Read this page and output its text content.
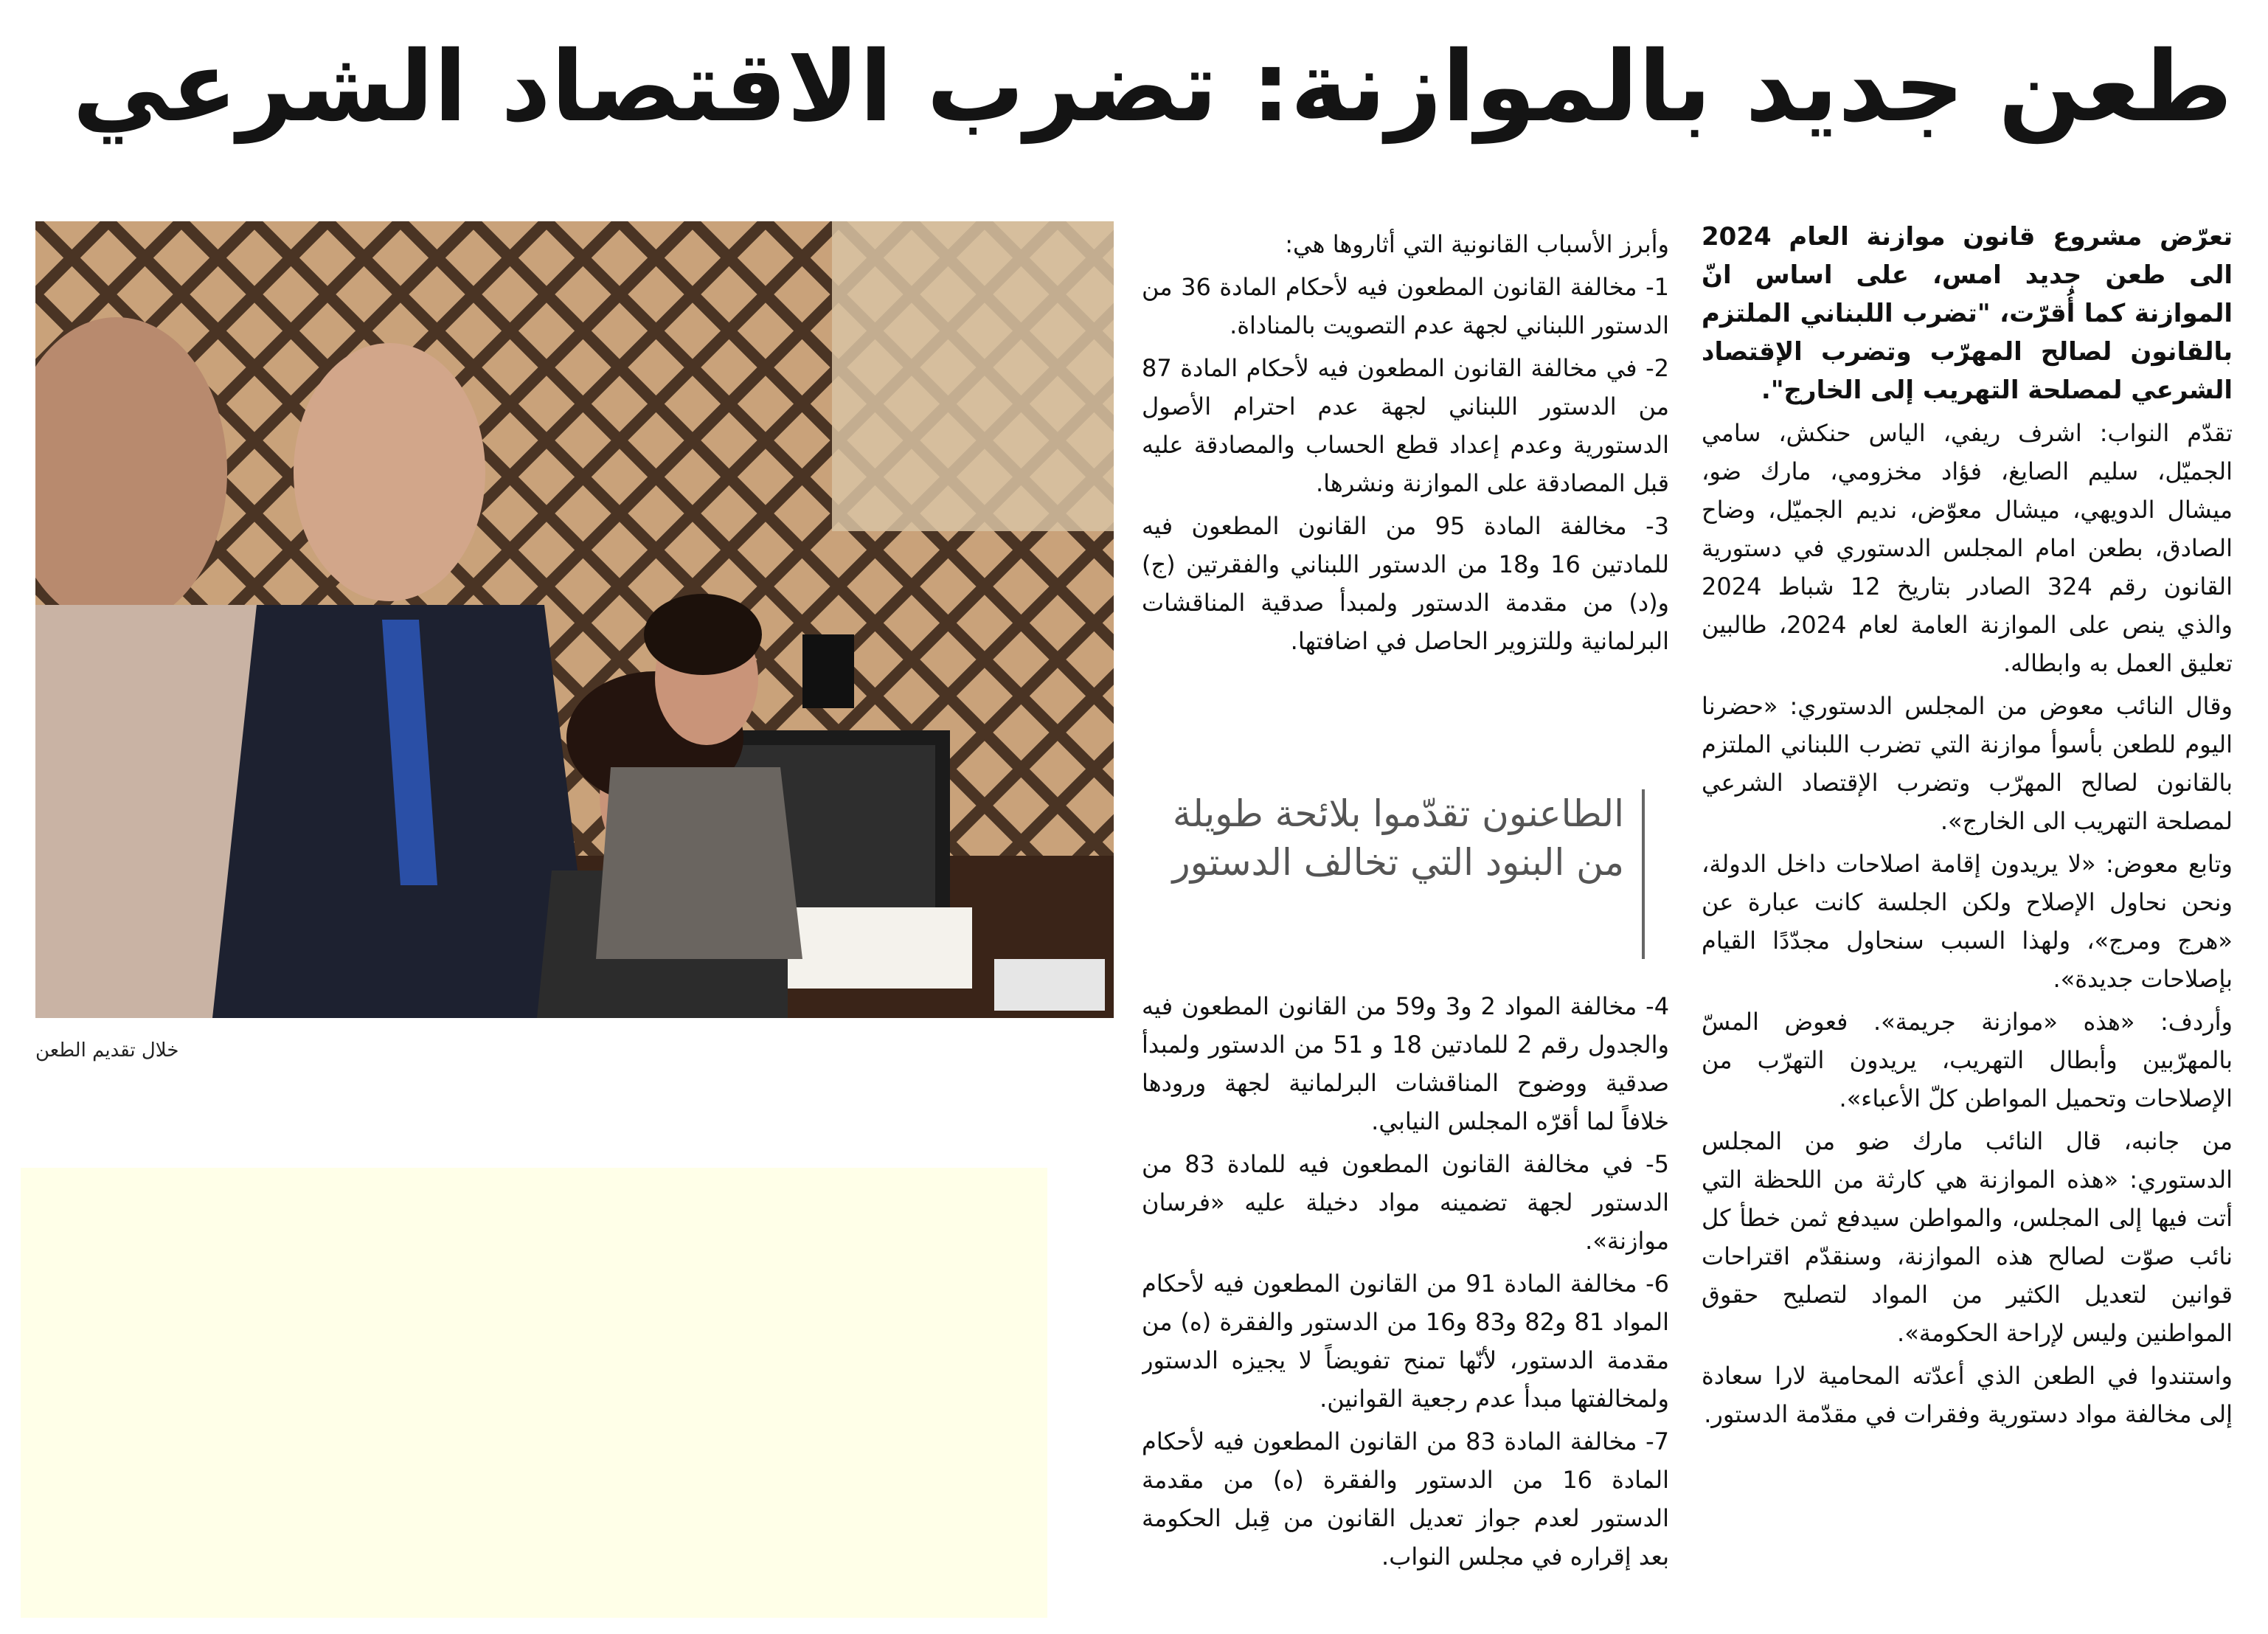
طعن جديد بالموازنة: تضرب الاقتصاد الشرعي

تعرّض مشروع قانون موازنة العام 2024 الى طعن جديد امس، على اساس انّ الموازنة كما أُقرّت، "تضرب اللبناني الملتزم بالقانون لصالح المهرّب وتضرب الإقتصاد الشرعي لمصلحة التهريب إلى الخارج".

تقدّم النواب: اشرف ريفي، الياس حنكش، سامي الجميّل، سليم الصايغ، فؤاد مخزومي، مارك ضو، ميشال الدويهي، ميشال معوّض، نديم الجميّل، وضاح الصادق، بطعن امام المجلس الدستوري في دستورية القانون رقم 324 الصادر بتاريخ 12 شباط 2024 والذي ينص على الموازنة العامة لعام 2024، طالبين تعليق العمل به وابطاله.

وقال النائب معوض من المجلس الدستوري: «حضرنا اليوم للطعن بأسوأ موازنة التي تضرب اللبناني الملتزم بالقانون لصالح المهرّب وتضرب الإقتصاد الشرعي لمصلحة التهريب الى الخارج».

وتابع معوض: «لا يريدون إقامة اصلاحات داخل الدولة، ونحن نحاول الإصلاح ولكن الجلسة كانت عبارة عن «هرج ومرج»، ولهذا السبب سنحاول مجدّدًا القيام بإصلاحات جديدة».

وأردف: «هذه «موازنة جريمة». فعوض المسّ بالمهرّبين وأبطال التهريب، يريدون التهرّب من الإصلاحات وتحميل المواطن كلّ الأعباء».

من جانبه، قال النائب مارك ضو من المجلس الدستوري: «هذه الموازنة هي كارثة من اللحظة التي أتت فيها إلى المجلس، والمواطن سيدفع ثمن خطأ كل نائب صوّت لصالح هذه الموازنة، وسنقدّم اقتراحات قوانين لتعديل الكثير من المواد لتصليح حقوق المواطنين وليس لإراحة الحكومة».

واستندوا في الطعن الذي أعدّته المحامية لارا سعادة إلى مخالفة مواد دستورية وفقرات في مقدّمة الدستور.

وأبرز الأسباب القانونية التي أثاروها هي:

1- مخالفة القانون المطعون فيه لأحكام المادة 36 من الدستور اللبناني لجهة عدم التصويت بالمناداة.

2- في مخالفة القانون المطعون فيه لأحكام المادة 87 من الدستور اللبناني لجهة عدم احترام الأصول الدستورية وعدم إعداد قطع الحساب والمصادقة عليه قبل المصادقة على الموازنة ونشرها.

3- مخالفة المادة 95 من القانون المطعون فيه للمادتين 16 و18 من الدستور اللبناني والفقرتين (ج) و(د) من مقدمة الدستور ولمبدأ صدقية المناقشات البرلمانية وللتزوير الحاصل في اضافتها.

الطاعنون تقدّموا بلائحة طويلة من البنود التي تخالف الدستور

4- مخالفة المواد 2 و3 و59 من القانون المطعون فيه والجدول رقم 2 للمادتين 18 و 51 من الدستور ولمبدأ صدقية ووضوح المناقشات البرلمانية لجهة ورودها خلافاً لما أقرّه المجلس النيابي.

5- في مخالفة القانون المطعون فيه للمادة 83 من الدستور لجهة تضمينه مواد دخيلة عليه «فرسان موازنة».

6- مخالفة المادة 91 من القانون المطعون فيه لأحكام المواد 81 و82 و83 و16 من الدستور والفقرة (ه) من مقدمة الدستور، لأنّها تمنح تفويضاً لا يجيزه الدستور ولمخالفتها مبدأ عدم رجعية القوانين.

7- مخالفة المادة 83 من القانون المطعون فيه لأحكام المادة 16 من الدستور والفقرة (ه) من مقدمة الدستور لعدم جواز تعديل القانون من قِبل الحكومة بعد إقراره في مجلس النواب.

خلال تقديم الطعن
